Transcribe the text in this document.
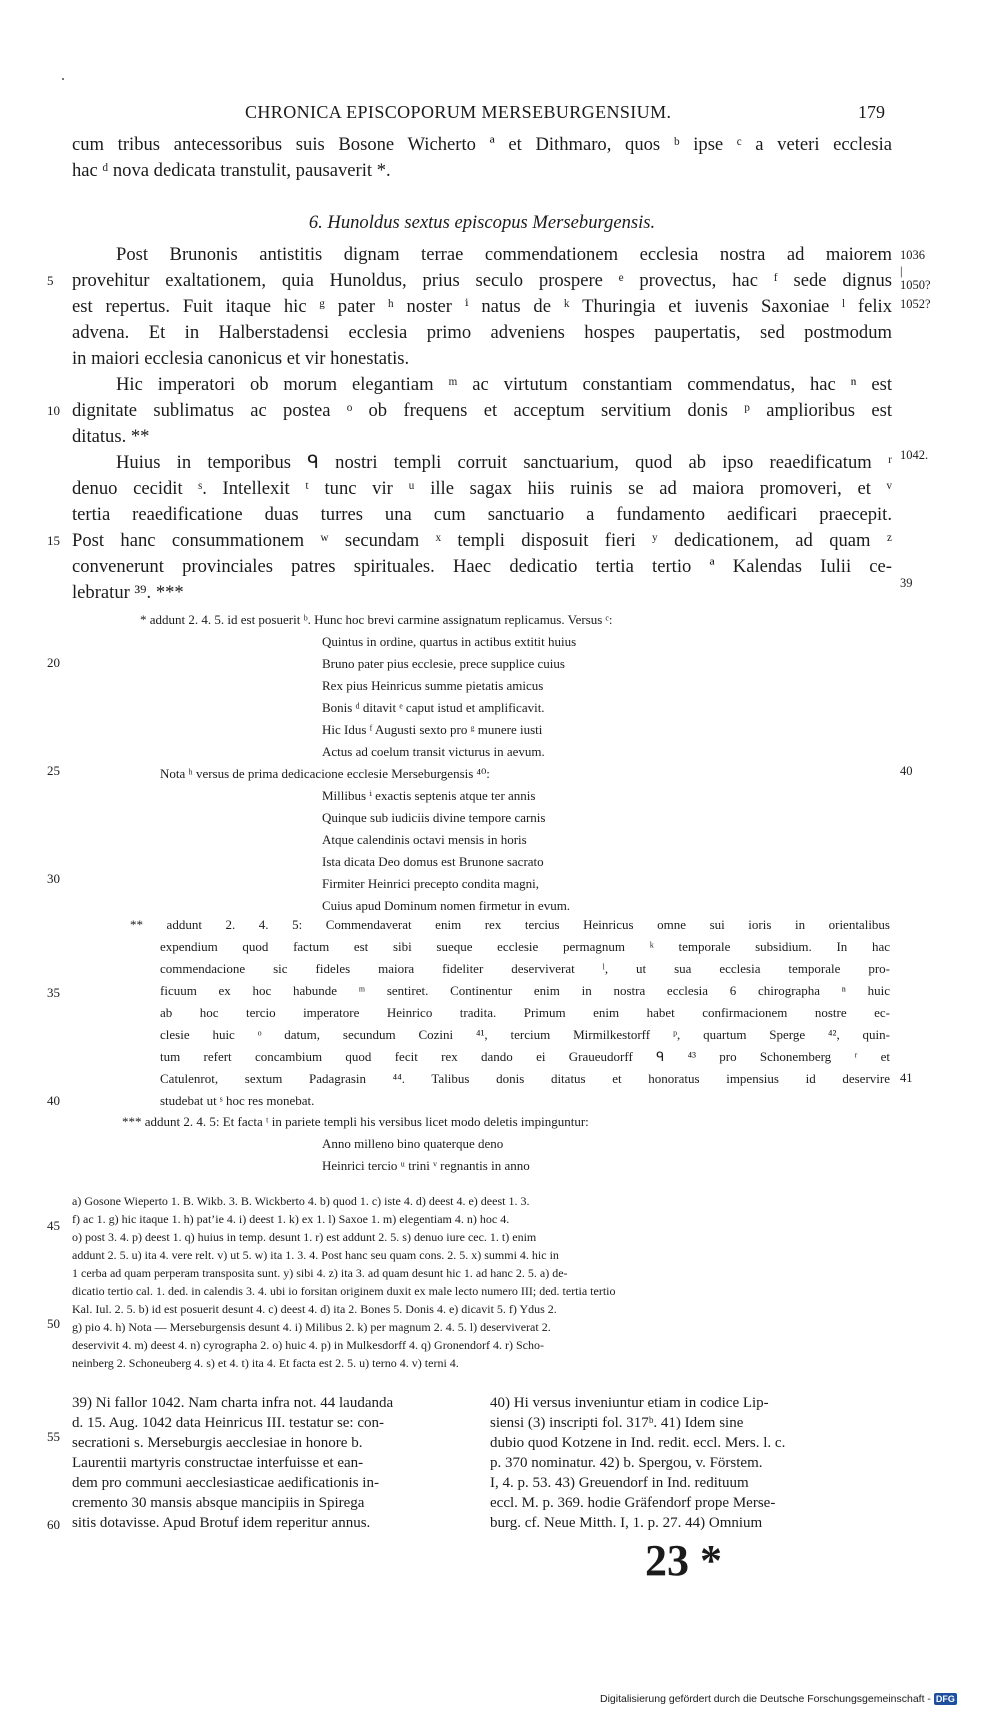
CHRONICA EPISCOPORUM MERSEBURGENSIUM.	179
cum tribus antecessoribus suis Bosone Wicherto ª et Dithmaro, quos ᵇ ipse ᶜ a veteri ecclesia
hac ᵈ nova dedicata transtulit, pausaverit *.
6. Hunoldus sextus episcopus Merseburgensis.
Post Brunonis antistitis dignam terrae commendationem ecclesia nostra ad maiorem
provehitur exaltationem, quia Hunoldus, prius seculo prospere ᵉ provectus, hac ᶠ sede dignus
est repertus. Fuit itaque hic ᵍ pater ʰ noster ⁱ natus de ᵏ Thuringia et iuvenis Saxoniae ˡ felix
advena. Et in Halberstadensi ecclesia primo adveniens hospes paupertatis, sed postmodum
in maiori ecclesia canonicus et vir honestatis.
Hic imperatori ob morum elegantiam ᵐ ac virtutum constantiam commendatus, hac ⁿ est
dignitate sublimatus ac postea ᵒ ob frequens et acceptum servitium donis ᵖ amplioribus est
ditatus. **
Huius in temporibus ᑫ nostri templi corruit sanctuarium, quod ab ipso reaedificatum ʳ
denuo cecidit ˢ. Intellexit ᵗ tunc vir ᵘ ille sagax hiis ruinis se ad maiora promoveri, et ᵛ
tertia reaedificatione duas turres una cum sanctuario a fundamento aedificari praecepit.
Post hanc consummationem ʷ secundam ˣ templi disposuit fieri ʸ dedicationem, ad quam ᶻ
convenerunt provinciales patres spirituales. Haec dedicatio tertia tertio ª Kalendas Iulii ce-
lebratur ³⁹. ***
5
10
15
20
25
30
35
40
45
50
55
60
1036
|
1050?
1052?
1042.
39
40
41
* addunt 2. 4. 5. id est posuerit ᵇ. Hunc hoc brevi carmine assignatum replicamus. Versus ᶜ:
Quintus in ordine, quartus in actibus extitit huius
Bruno pater pius ecclesie, prece supplice cuius
Rex pius Heinricus summe pietatis amicus
Bonis ᵈ ditavit ᵉ caput istud et amplificavit.
Hic Idus ᶠ Augusti sexto pro ᵍ munere iusti
Actus ad coelum transit victurus in aevum.
Nota ʰ versus de prima dedicacione ecclesie Merseburgensis ⁴⁰:
Millibus ⁱ exactis septenis atque ter annis
Quinque sub iudiciis divine tempore carnis
Atque calendinis octavi mensis in horis
Ista dicata Deo domus est Brunone sacrato
Firmiter Heinrici precepto condita magni,
Cuius apud Dominum nomen firmetur in evum.
** addunt 2. 4. 5: Commendaverat enim rex tercius Heinricus omne sui ioris in orientalibus
expendium quod factum est sibi sueque ecclesie permagnum ᵏ temporale subsidium. In hac
commendacione sic fideles maiora fideliter deserviverat ˡ, ut sua ecclesia temporale pro-
ficuum ex hoc habunde ᵐ sentiret. Continentur enim in nostra ecclesia 6 chirographa ⁿ huic
ab hoc tercio imperatore Heinrico tradita. Primum enim habet confirmacionem nostre ec-
clesie huic ᵒ datum, secundum Cozini ⁴¹, tercium Mirmilkestorff ᵖ, quartum Sperge ⁴², quin-
tum refert concambium quod fecit rex dando ei Graueudorff ᑫ ⁴³ pro Schonemberg ʳ et
Catulenrot, sextum Padagrasin ⁴⁴. Talibus donis ditatus et honoratus impensius id deservire
studebat ut ˢ hoc res monebat.
*** addunt 2. 4. 5: Et facta ᵗ in pariete templi his versibus licet modo deletis impinguntur:
Anno milleno bino quaterque deno
Heinrici tercio ᵘ trini ᵛ regnantis in anno
a) Gosone Wieperto 1. B. Wikb. 3. B. Wickberto 4. b) quod 1. c) iste 4. d) deest 4. e) deest 1. 3.
f) ac 1. g) hic itaque 1. h) pat’ie 4. i) deest 1. k) ex 1. l) Saxoe 1. m) elegentiam 4. n) hoc 4.
o) post 3. 4. p) deest 1. q) huius in temp. desunt 1. r) est addunt 2. 5. s) denuo iure cec. 1. t) enim
addunt 2. 5. u) ita 4. vere relt. v) ut 5. w) ita 1. 3. 4. Post hanc seu quam cons. 2. 5. x) summi 4. hic in
1 cerba ad quam perperam transposita sunt. y) sibi 4. z) ita 3. ad quam desunt hic 1. ad hanc 2. 5. a) de-
dicatio tertio cal. 1. ded. in calendis 3. 4. ubi io forsitan originem duxit ex male lecto numero III; ded. tertia tertio
Kal. Iul. 2. 5. b) id est posuerit desunt 4. c) deest 4. d) ita 2. Bones 5. Donis 4. e) dicavit 5. f) Ydus 2.
g) pio 4. h) Nota — Merseburgensis desunt 4. i) Milibus 2. k) per magnum 2. 4. 5. l) deserviverat 2.
deservivit 4. m) deest 4. n) cyrographa 2. o) huic 4. p) in Mulkesdorff 4. q) Gronendorf 4. r) Scho-
neinberg 2. Schoneuberg 4. s) et 4. t) ita 4. Et facta est 2. 5. u) terno 4. v) terni 4.
39) Ni fallor 1042. Nam charta infra not. 44 laudanda
d. 15. Aug. 1042 data Heinricus III. testatur se: con-
secrationi s. Merseburgis aecclesiae in honore b.
Laurentii martyris constructae interfuisse et ean-
dem pro communi aecclesiasticae aedificationis in-
cremento 30 mansis absque mancipiis in Spirega
sitis dotavisse. Apud Brotuf idem reperitur annus.
40) Hi versus inveniuntur etiam in codice Lip-
siensi (3) inscripti fol. 317ᵇ. 41) Idem sine
dubio quod Kotzene in Ind. redit. eccl. Mers. l. c.
p. 370 nominatur. 42) b. Spergou, v. Förstem.
I, 4. p. 53. 43) Greuendorf in Ind. redituum
eccl. M. p. 369. hodie Gräfendorf prope Merse-
burg. cf. Neue Mitth. I, 1. p. 27. 44) Omnium
23 *
Digitalisierung gefördert durch die Deutsche Forschungsgemeinschaft - DFG
